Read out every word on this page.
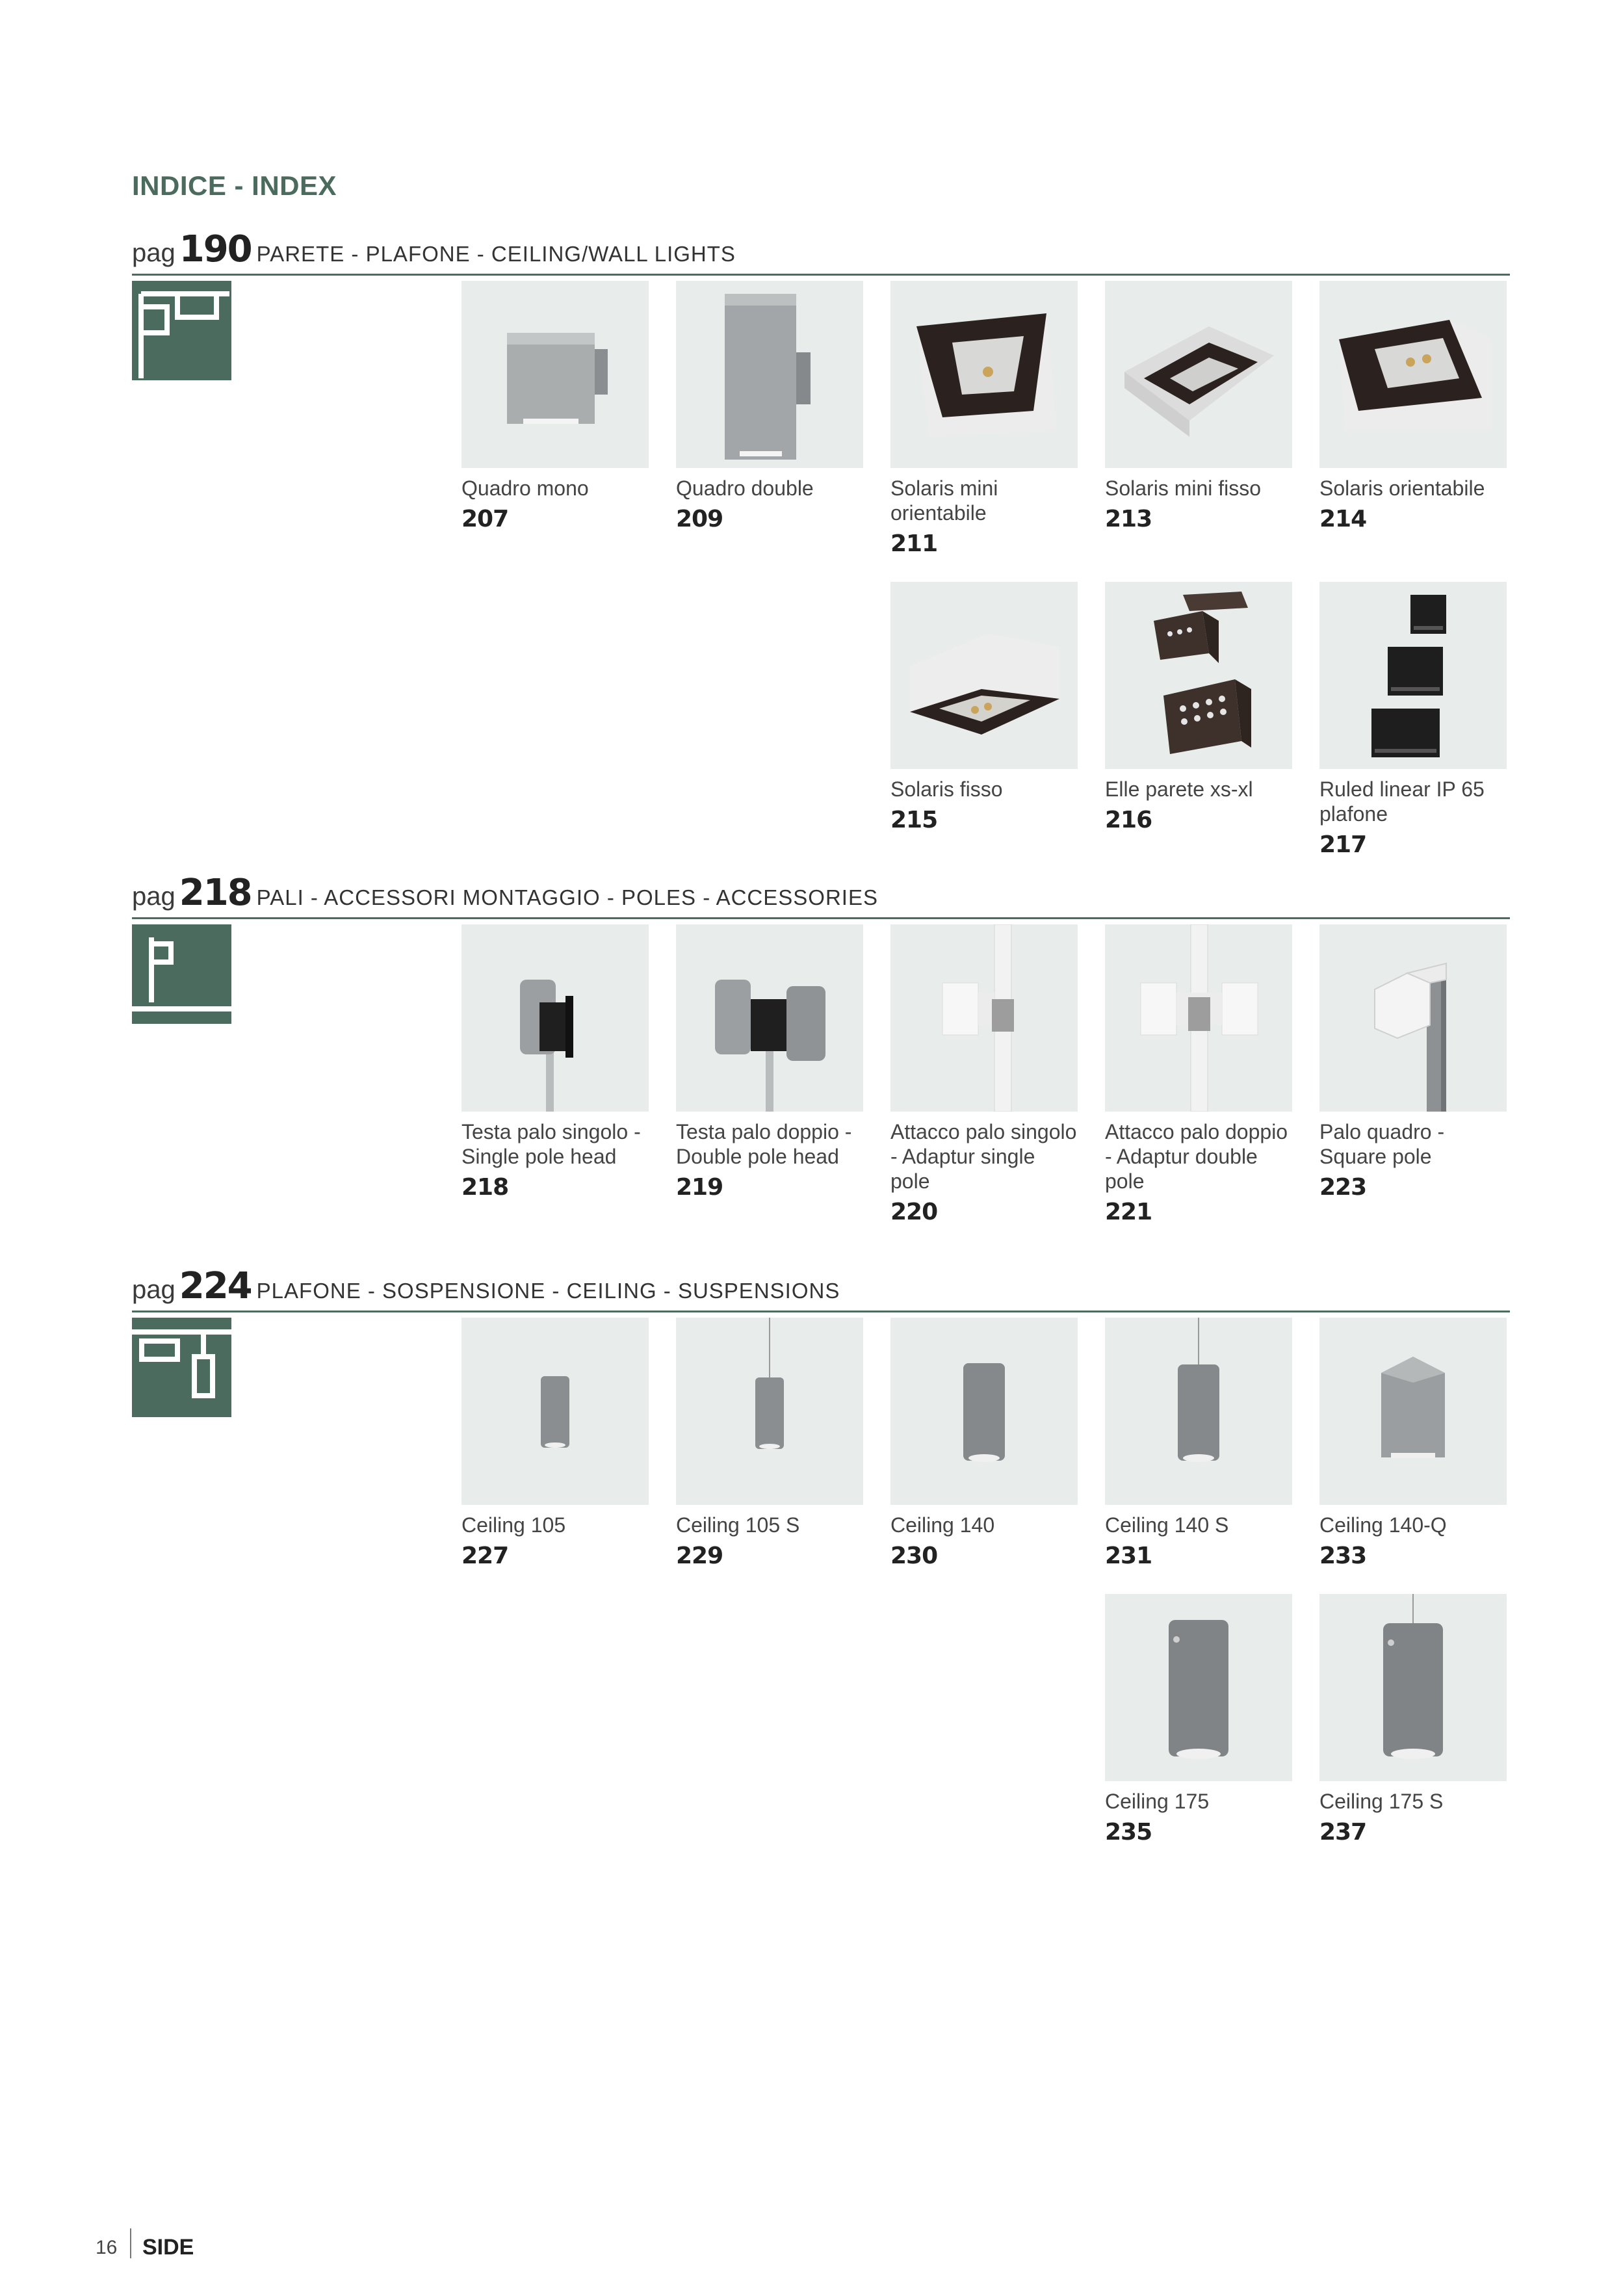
INDICE - INDEX
pag 190 PARETE - PLAFONE - CEILING/WALL LIGHTS
Quadro mono
207
Quadro double
209
Solaris mini orientabile
211
Solaris mini fisso
213
Solaris orientabile
214
Solaris fisso
215
Elle parete xs-xl
216
Ruled linear IP 65 plafone
217
pag 218 PALI - ACCESSORI MONTAGGIO - POLES - ACCESSORIES
Testa palo singolo - Single pole head
218
Testa palo doppio - Double pole head
219
Attacco palo singolo - Adaptur single pole
220
Attacco palo doppio - Adaptur double pole
221
Palo quadro - Square pole
223
pag 224 PLAFONE - SOSPENSIONE - CEILING - SUSPENSIONS
Ceiling 105
227
Ceiling 105 S
229
Ceiling 140
230
Ceiling 140 S
231
Ceiling 140-Q
233
Ceiling 175
235
Ceiling 175 S
237
16 SIDE
